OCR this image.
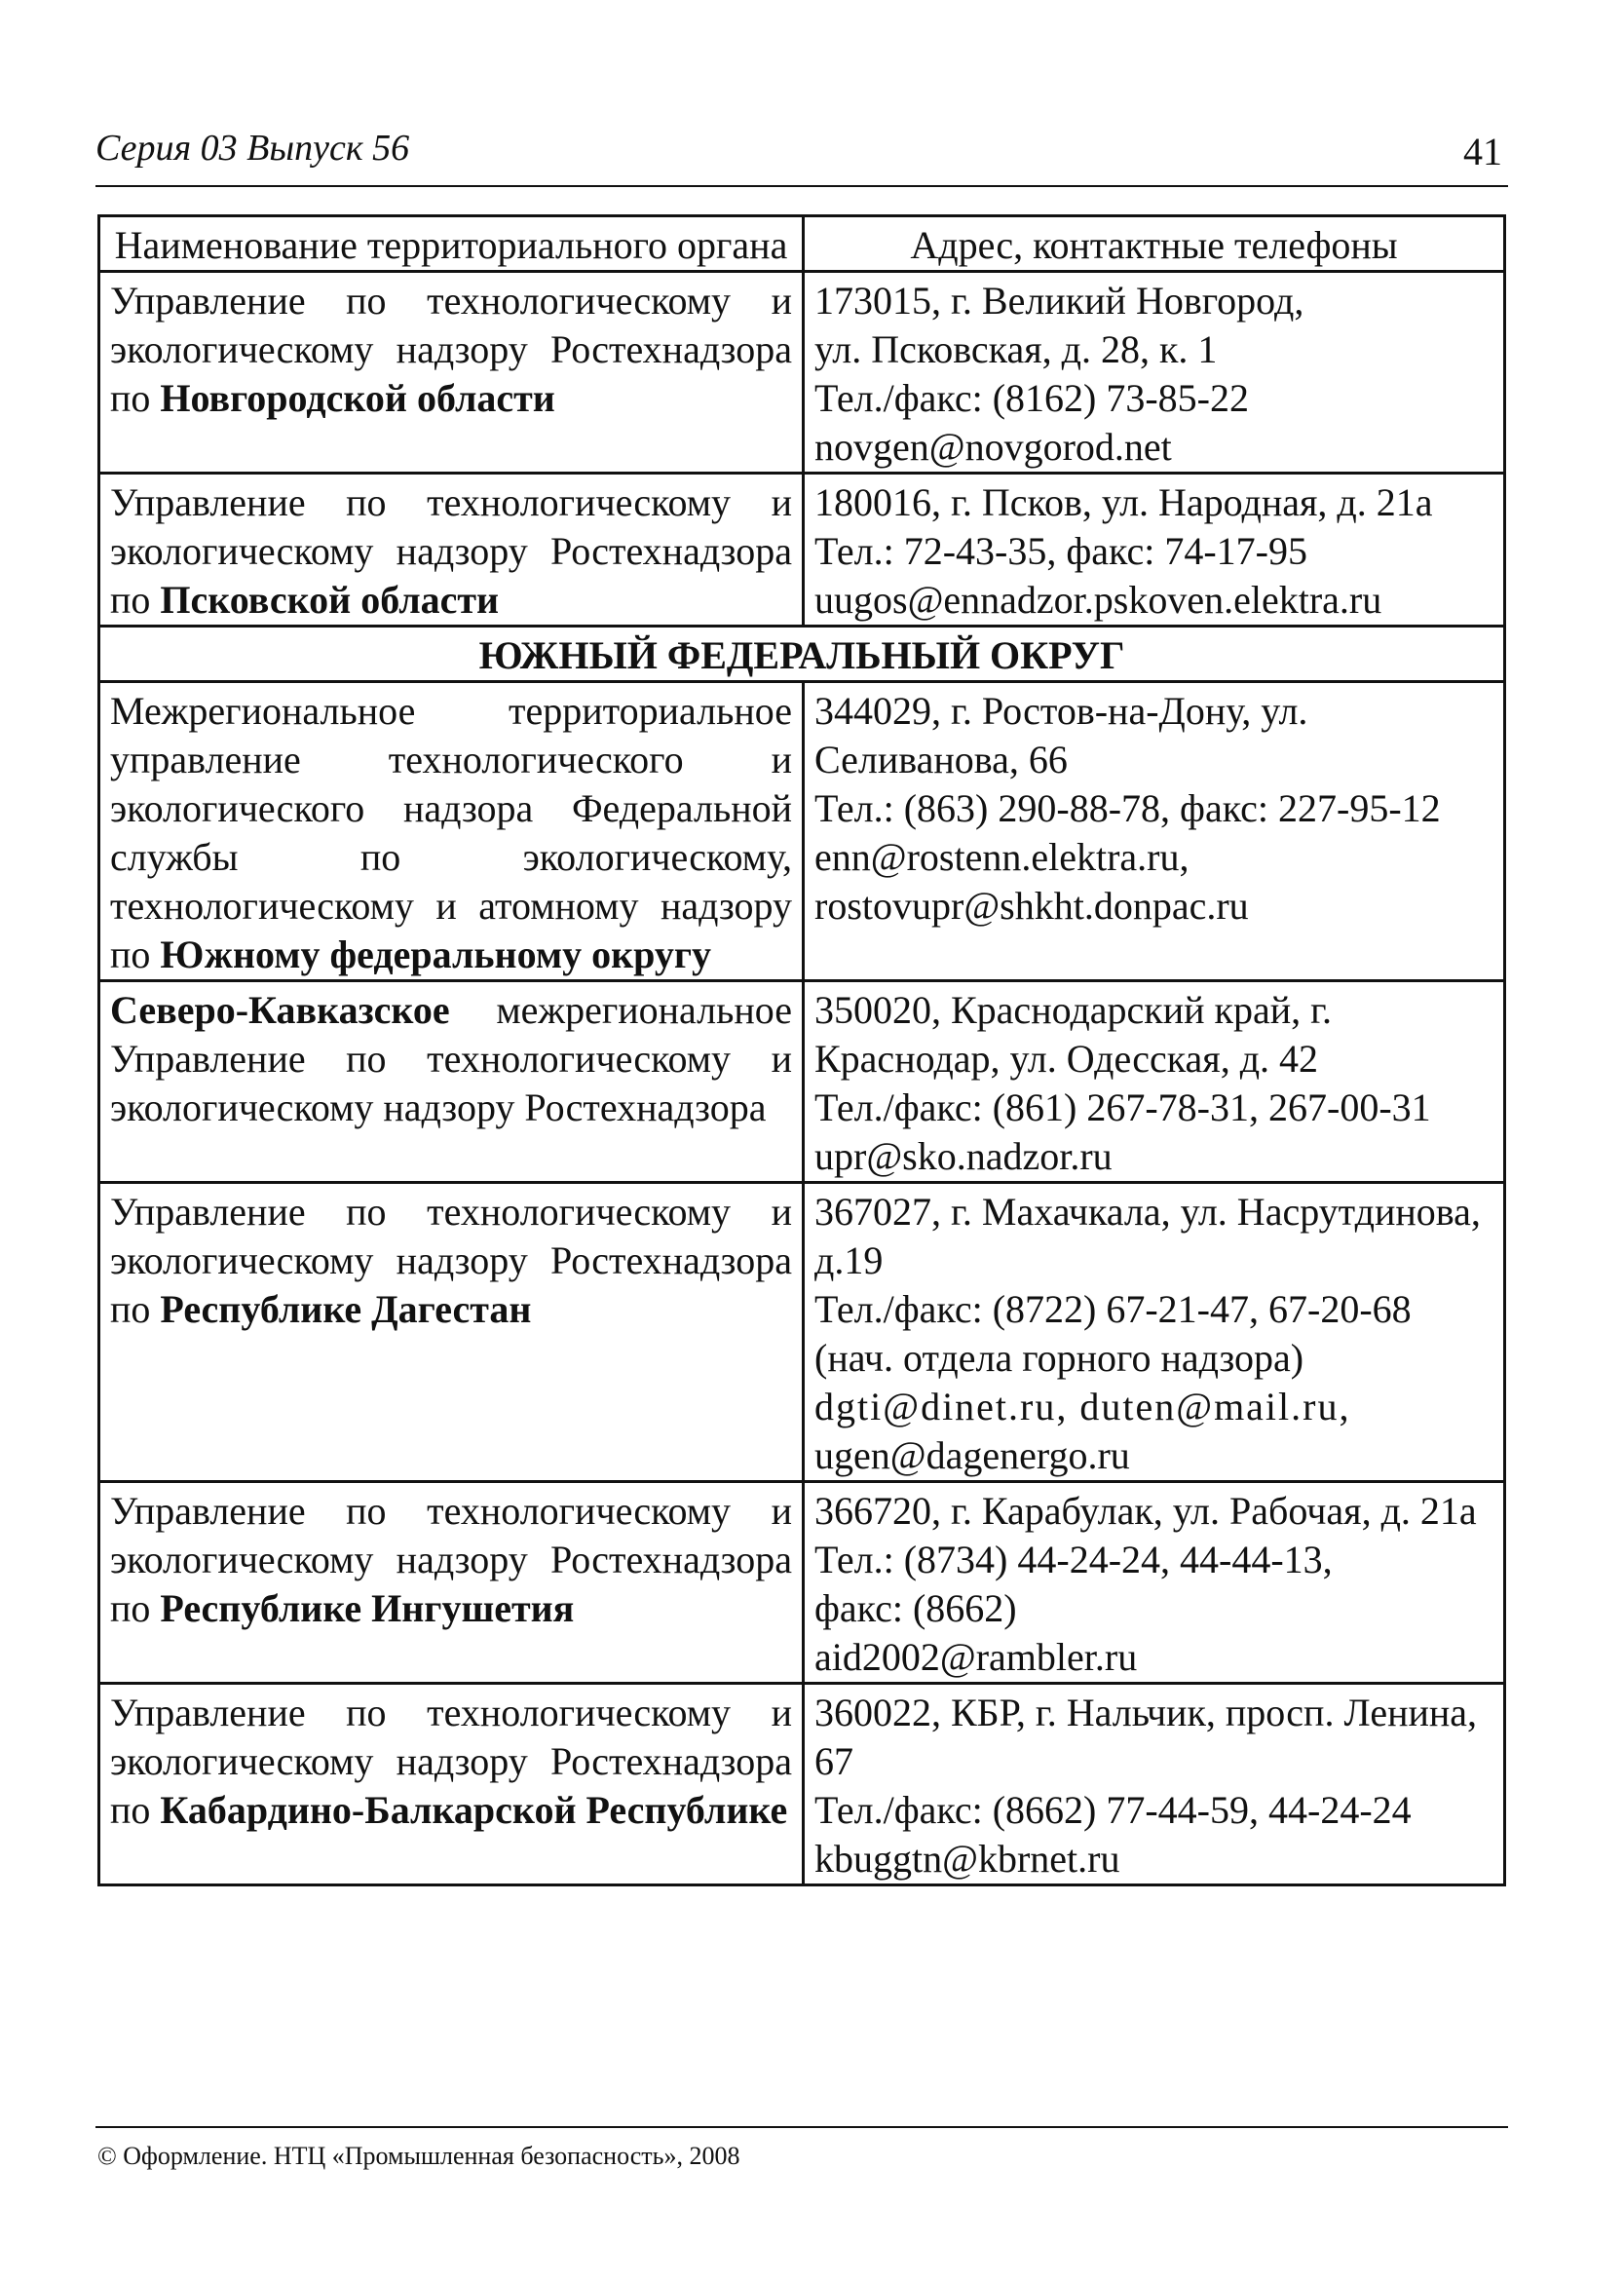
Серия 03 Выпуск 56	41
Наименование территориального органа	Адрес, контактные телефоны
Управление по технологическому и экологическому надзору Ростехнадзора по Новгородской области	173015, г. Великий Новгород,
ул. Псковская, д. 28, к. 1
Тел./факс: (8162) 73-85-22
novgen@novgorod.net

Управление по технологическому и экологическому надзору Ростехнадзора по Псковской области	180016, г. Псков, ул. Народная, д. 21а
Тел.: 72-43-35, факс: 74-17-95
uugos@ennadzor.pskoven.elektra.ru

ЮЖНЫЙ ФЕДЕРАЛЬНЫЙ ОКРУГ	
Межрегиональное территориальное управление технологического и экологического надзора Федеральной службы по экологическому, технологическому и атомному надзору по Южному федеральному округу	344029, г. Ростов-на-Дону, ул. Селиванова, 66
Тел.: (863) 290-88-78, факс: 227-95-12
enn@rostenn.elektra.ru,
rostovupr@shkht.donpac.ru

Северо-Кавказское межрегиональное Управление по технологическому и экологическому надзору Ростехнадзора	350020, Краснодарский край, г. Краснодар, ул. Одесская, д. 42
Тел./факс: (861) 267-78-31, 267-00-31
upr@sko.nadzor.ru

Управление по технологическому и экологическому надзору Ростехнадзора по Республике Дагестан	367027, г. Махачкала, ул. Насрутдинова, д.19
Тел./факс: (8722) 67-21-47, 67-20-68
(нач. отдела горного надзора)
dgti@dinet.ru, duten@mail.ru,
ugen@dagenergo.ru

Управление по технологическому и экологическому надзору Ростехнадзора по Республике Ингушетия	366720, г. Карабулак, ул. Рабочая, д. 21а
Тел.: (8734) 44-24-24, 44-44-13,
факс: (8662)
aid2002@rambler.ru

Управление по технологическому и экологическому надзору Ростехнадзора по Кабардино-Балкарской Республике	360022, КБР, г. Нальчик, просп. Ленина, 67
Тел./факс: (8662) 77-44-59, 44-24-24
kbuggtn@kbrnet.ru
© Оформление. НТЦ «Промышленная безопасность», 2008
